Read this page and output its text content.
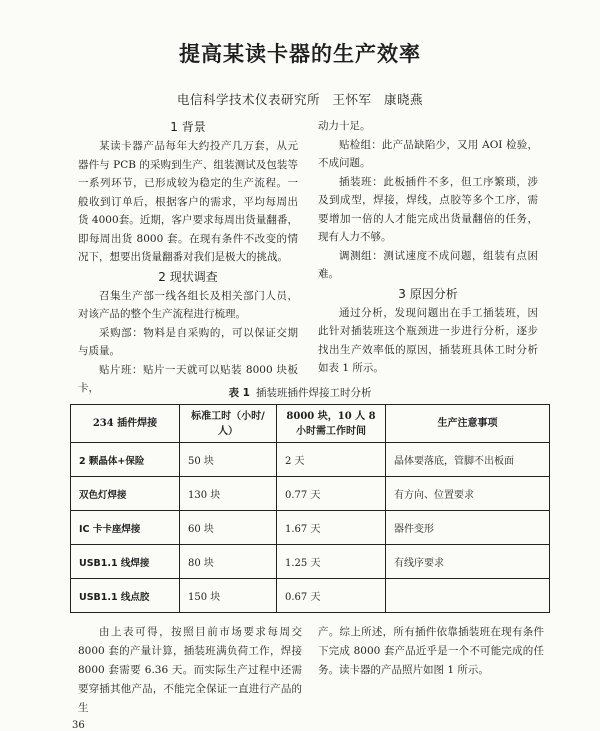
提高某读卡器的生产效率
电信科学技术仪表研究所 王怀军 康晓燕
1 背景

某读卡器产品每年大约投产几万套，从元器件与 PCB 的采购到生产、组装测试及包装等一系列环节，已形成较为稳定的生产流程。一般收到订单后，根据客户的需求，平均每周出货 4000套。近期，客户要求每周出货量翻番，即每周出货 8000 套。在现有条件不改变的情况下，想要出货量翻番对我们是极大的挑战。

2 现状调查

召集生产部一线各组长及相关部门人员，对该产品的整个生产流程进行梳理。

采购部：物料是自采购的，可以保证交期与质量。

贴片班：贴片一天就可以贴装 8000 块板卡，

动力十足。

贴检组：此产品缺陷少，又用 AOI 检验，不成问题。

插装班：此板插件不多，但工序繁琐，涉及到成型，焊接，焊线，点胶等多个工序，需要增加一倍的人才能完成出货量翻倍的任务，现有人力不够。

调测组：测试速度不成问题，组装有点困难。

3 原因分析

通过分析，发现问题出在手工插装班，因此针对插装班这个瓶颈进一步进行分析，逐步找出生产效率低的原因，插装班具体工时分析如表 1 所示。

表 1 插装班插件焊接工时分析
234 插件焊接	标准工时（小时/人）	8000 块，10 人 8 小时需工作时间	生产注意事项
2 颗晶体+保险	50 块	2 天	晶体要落底，管脚不出板面
双色灯焊接	130 块	0.77 天	有方向、位置要求
IC 卡卡座焊接	60 块	1.67 天	器件变形
USB1.1 线焊接	80 块	1.25 天	有线序要求
USB1.1 线点胶	150 块	0.67 天	

由上表可得，按照目前市场要求每周交 8000 套的产量计算，插装班满负荷工作，焊接 8000 套需要 6.36 天。而实际生产过程中还需要穿插其他产品，不能完全保证一直进行产品的生

产。综上所述，所有插件依靠插装班在现有条件下完成 8000 套产品近乎是一个不可能完成的任务。读卡器的产品照片如图 1 所示。

36
